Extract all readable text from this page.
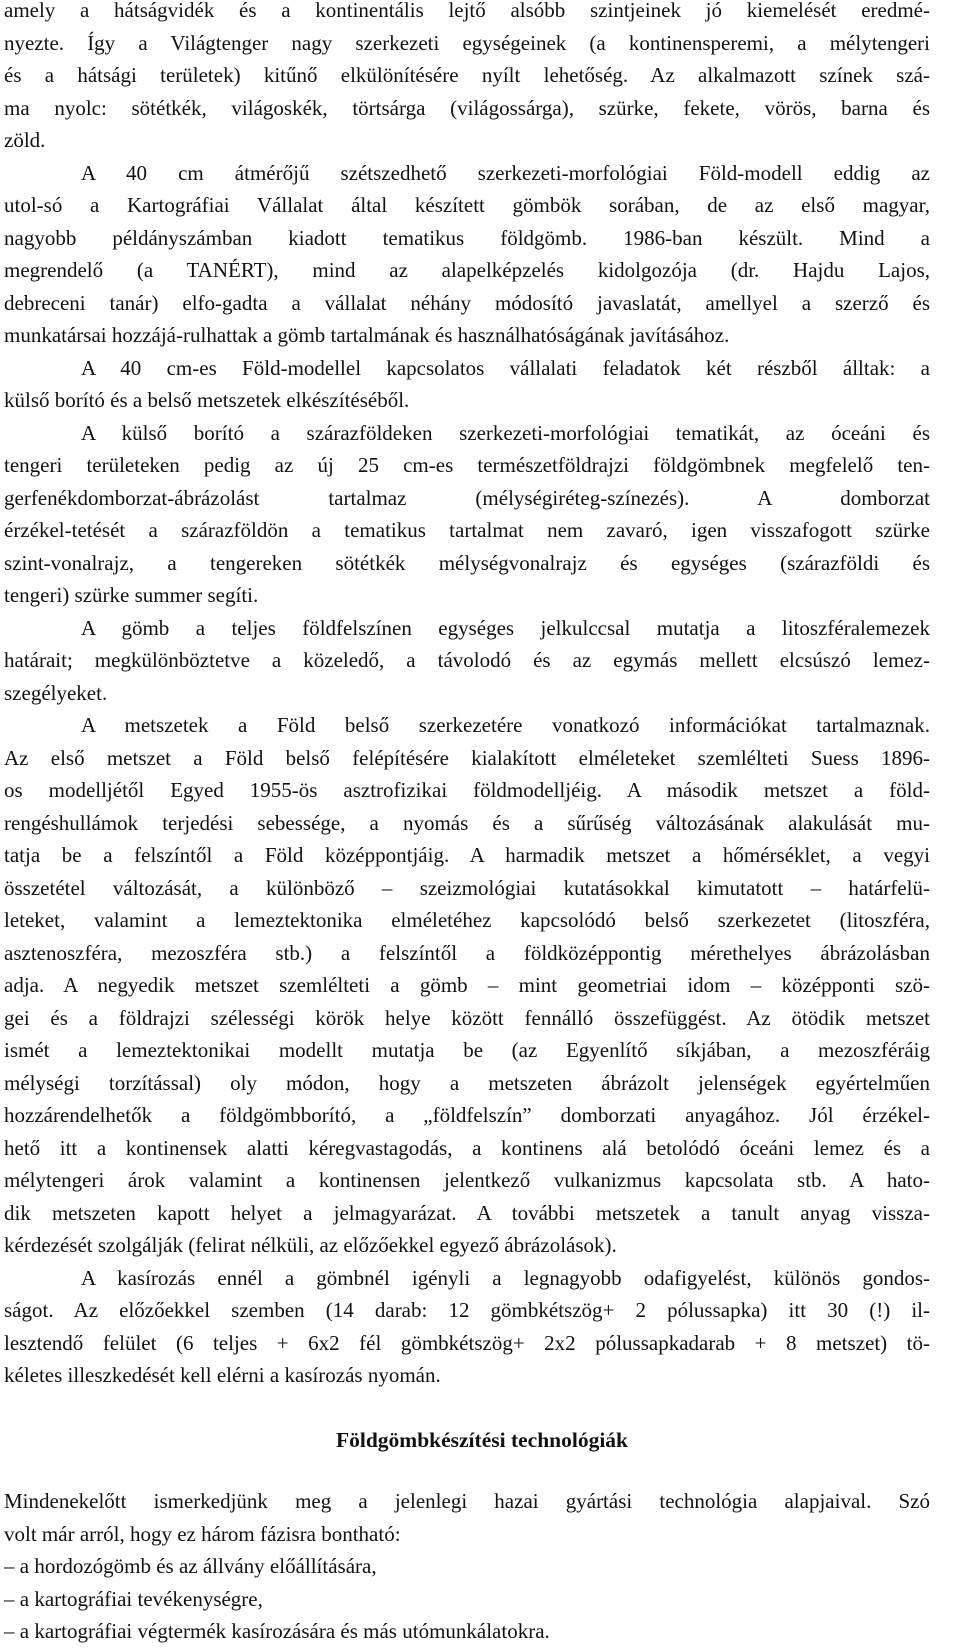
amely a hátságvidék és a kontinentális lejtő alsóbb szintjeinek jó kiemelését eredmé-
nyezte. Így a Világtenger nagy szerkezeti egységeinek (a kontinensperemi, a mélytengeri
és a hátsági területek) kitűnő elkülönítésére nyílt lehetőség. Az alkalmazott színek szá-
ma nyolc: sötétkék, világoskék, törtsárga (világossárga), szürke, fekete, vörös, barna és
zöld.
A 40 cm átmérőjű szétszedhető szerkezeti-morfológiai Föld-modell eddig az
utol-só a Kartográfiai Vállalat által készített gömbök sorában, de az első magyar,
nagyobb példányszámban kiadott tematikus földgömb. 1986-ban készült. Mind a
megrendelő (a TANÉRT), mind az alapelképzelés kidolgozója (dr. Hajdu Lajos,
debreceni tanár) elfo-gadta a vállalat néhány módosító javaslatát, amellyel a szerző és
munkatársai hozzájá-rulhattak a gömb tartalmának és használhatóságának javításához.
A 40 cm-es Föld-modellel kapcsolatos vállalati feladatok két részből álltak: a
külső borító és a belső metszetek elkészítéséből.
A külső borító a szárazföldeken szerkezeti-morfológiai tematikát, az óceáni és
tengeri területeken pedig az új 25 cm-es természetföldrajzi földgömbnek megfelelő ten-
gerfenékdomborzat-ábrázolást tartalmaz (mélységiréteg-színezés). A domborzat
érzékel-tetését a szárazföldön a tematikus tartalmat nem zavaró, igen visszafogott szürke
szint-vonalrajz, a tengereken sötétkék mélységvonalrajz és egységes (szárazföldi és
tengeri) szürke summer segíti.
A gömb a teljes földfelszínen egységes jelkulccsal mutatja a litoszféralemezek
határait; megkülönböztetve a közeledő, a távolodó és az egymás mellett elcsúszó lemez-
szegélyeket.
A metszetek a Föld belső szerkezetére vonatkozó információkat tartalmaznak.
Az első metszet a Föld belső felépítésére kialakított elméleteket szemlélteti Suess 1896-
os modelljétől Egyed 1955-ös asztrofizikai földmodelljéig. A második metszet a föld-
rengéshullámok terjedési sebessége, a nyomás és a sűrűség változásának alakulását mu-
tatja be a felszíntől a Föld középpontjáig. A harmadik metszet a hőmérséklet, a vegyi
összetétel változását, a különböző – szeizmológiai kutatásokkal kimutatott – határfelü-
leteket, valamint a lemeztektonika elméletéhez kapcsolódó belső szerkezetet (litoszféra,
asztenoszféra, mezoszféra stb.) a felszíntől a földközéppontig mérethelyes ábrázolásban
adja. A negyedik metszet szemlélteti a gömb – mint geometriai idom – középponti szö-
gei és a földrajzi szélességi körök helye között fennálló összefüggést. Az ötödik metszet
ismét a lemeztektonikai modellt mutatja be (az Egyenlítő síkjában, a mezoszféráig
mélységi torzítással) oly módon, hogy a metszeten ábrázolt jelenségek egyértelműen
hozzárendelhetők a földgömbborító, a „földfelszín” domborzati anyagához. Jól érzékel-
hető itt a kontinensek alatti kéregvastagodás, a kontinens alá betolódó óceáni lemez és a
mélytengeri árok valamint a kontinensen jelentkező vulkanizmus kapcsolata stb. A hato-
dik metszeten kapott helyet a jelmagyarázat. A további metszetek a tanult anyag vissza-
kérdezését szolgálják (felirat nélküli, az előzőekkel egyező ábrázolások).
A kasírozás ennél a gömbnél igényli a legnagyobb odafigyelést, különös gondos-
ságot. Az előzőekkel szemben (14 darab: 12 gömbkétszög+ 2 pólussapka) itt 30 (!) il-
lesztendő felület (6 teljes + 6x2 fél gömbkétszög+ 2x2 pólussapkadarab + 8 metszet) tö-
kéletes illeszkedését kell elérni a kasírozás nyomán.
Földgömbkészítési technológiák
Mindenekelőtt ismerkedjünk meg a jelenlegi hazai gyártási technológia alapjaival. Szó
volt már arról, hogy ez három fázisra bontható:
– a hordozógömb és az állvány előállítására,
– a kartográfiai tevékenységre,
– a kartográfiai végtermék kasírozására és más utómunkálatokra.
